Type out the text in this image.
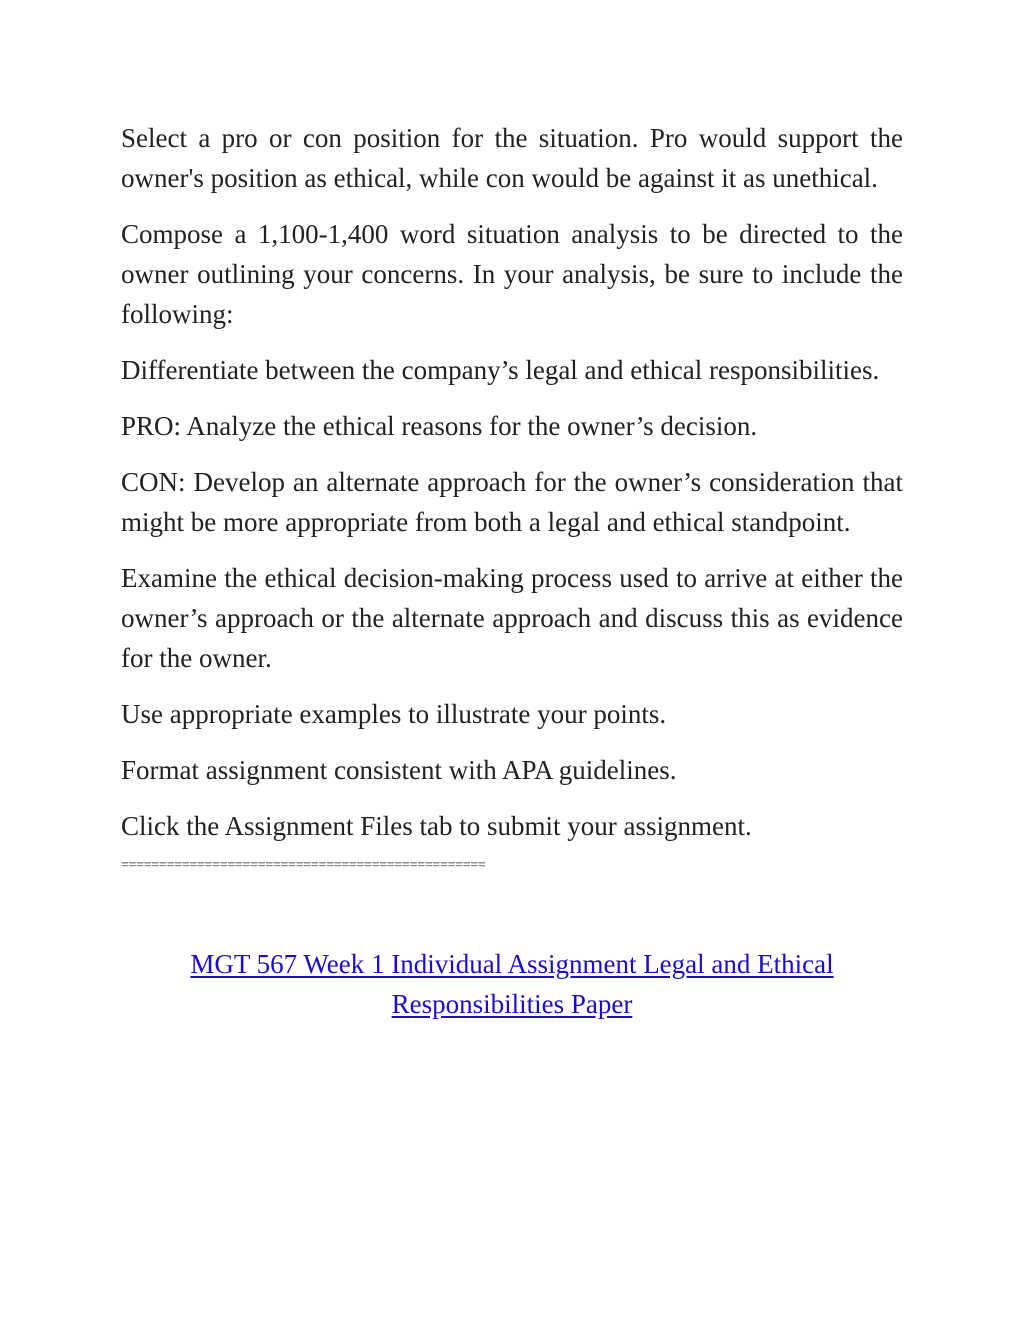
Select a pro or con position for the situation. Pro would support the owner's position as ethical, while con would be against it as unethical.

Compose a 1,100-1,400 word situation analysis to be directed to the owner outlining your concerns. In your analysis, be sure to include the following:

Differentiate between the company’s legal and ethical responsibilities.

PRO: Analyze the ethical reasons for the owner’s decision.

CON: Develop an alternate approach for the owner’s consideration that might be more appropriate from both a legal and ethical standpoint.

Examine the ethical decision-making process used to arrive at either the owner’s approach or the alternate approach and discuss this as evidence for the owner.

Use appropriate examples to illustrate your points.

Format assignment consistent with APA guidelines.

Click the Assignment Files tab to submit your assignment.

================================================
MGT 567 Week 1 Individual Assignment Legal and Ethical Responsibilities Paper
